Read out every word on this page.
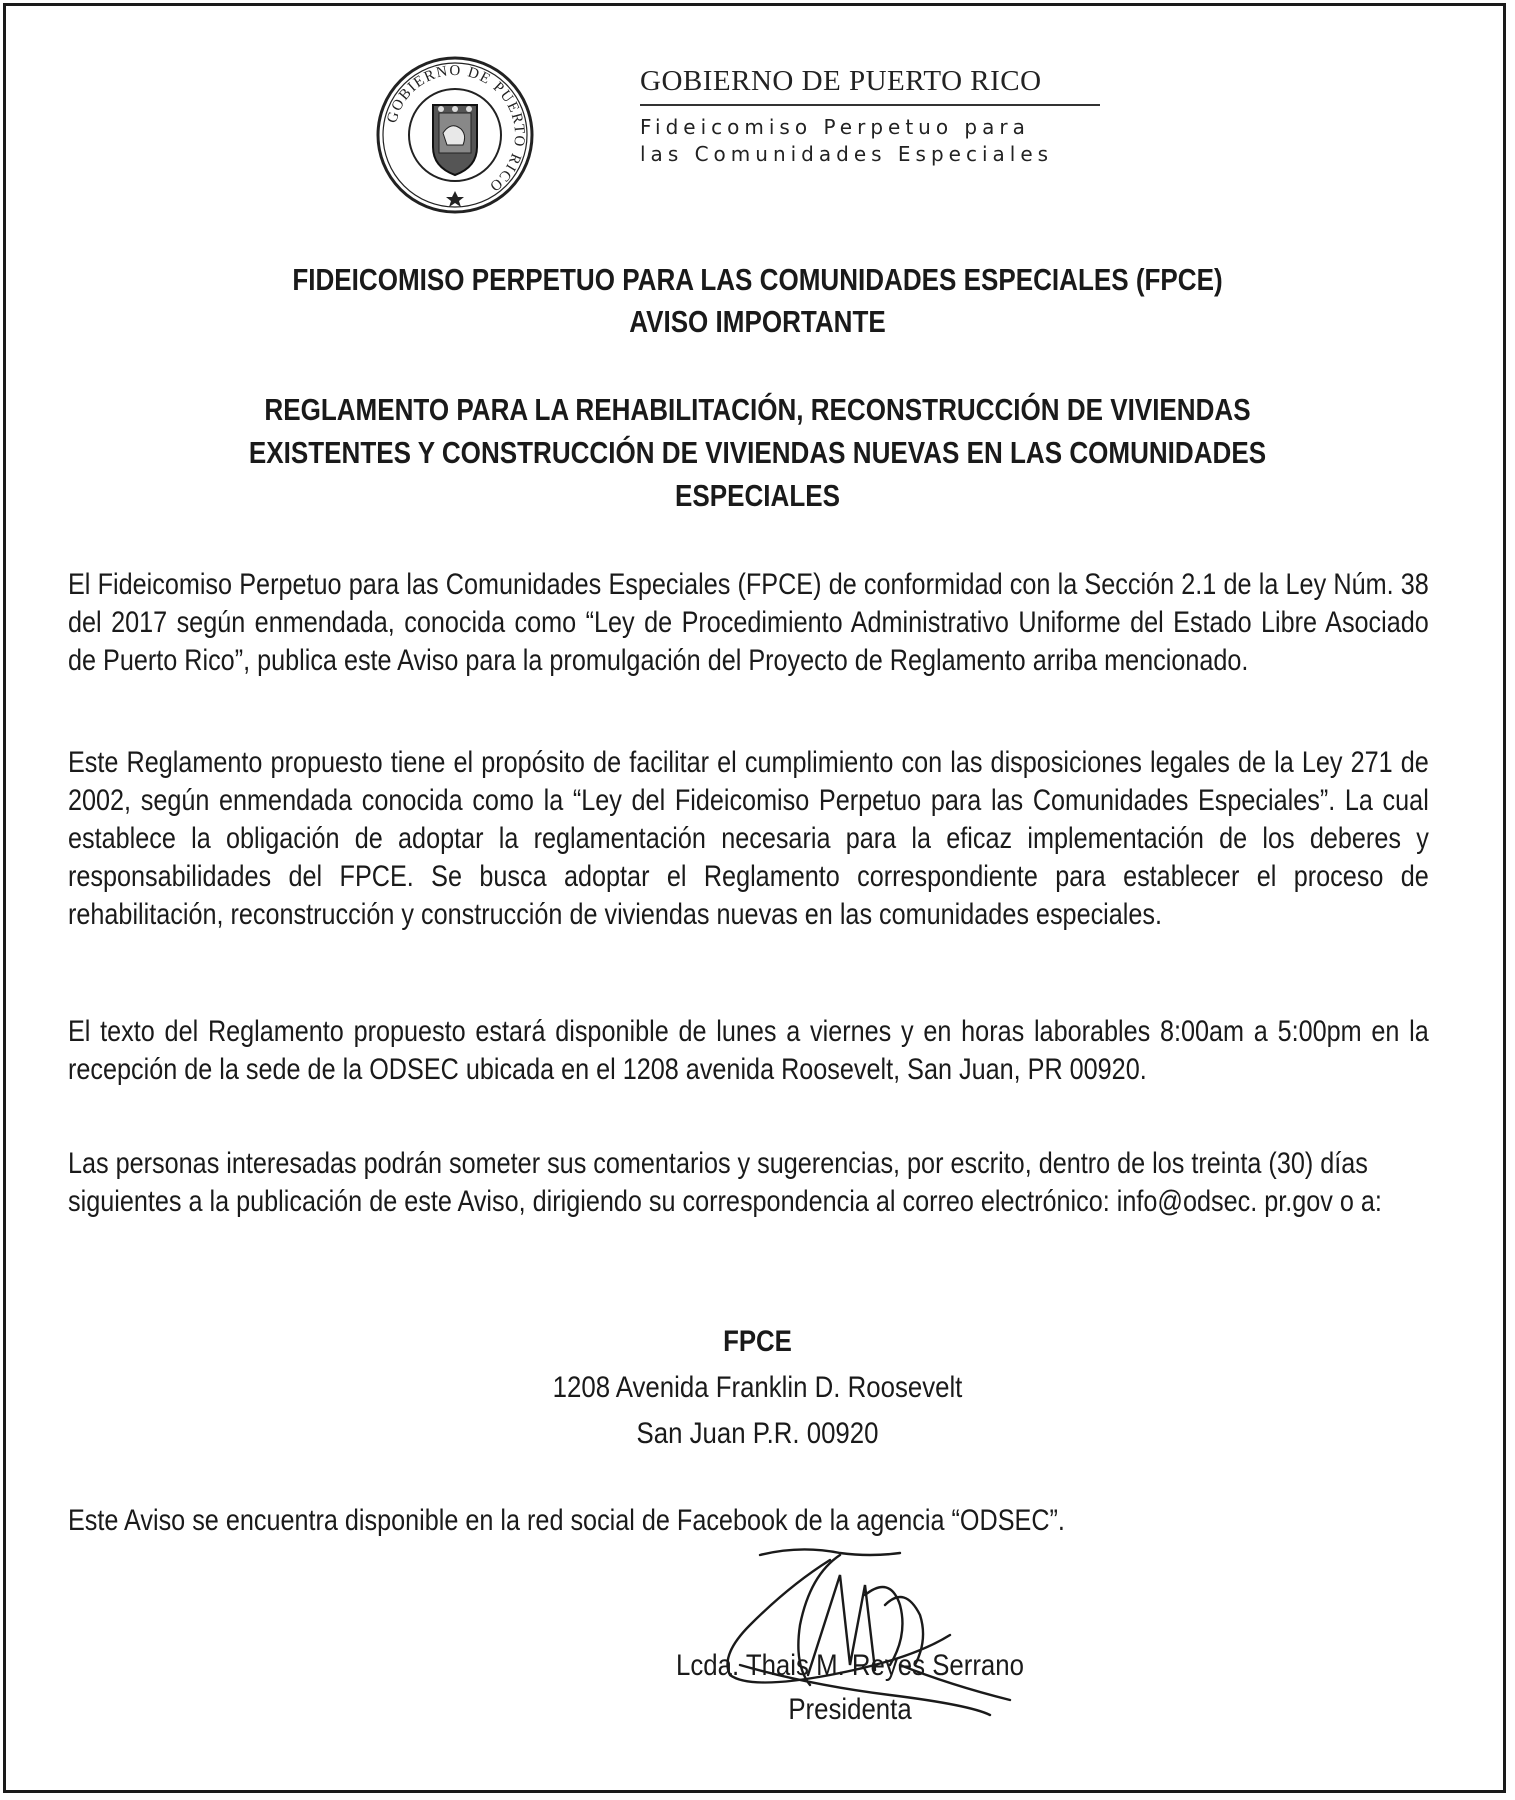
GOBIERNO DE PUERTO RICO
GOBIERNO DE PUERTO RICO
Fideicomiso Perpetuo para
las Comunidades Especiales
FIDEICOMISO PERPETUO PARA LAS COMUNIDADES ESPECIALES (FPCE)
AVISO IMPORTANTE
REGLAMENTO PARA LA REHABILITACIÓN, RECONSTRUCCIÓN DE VIVIENDAS
EXISTENTES Y CONSTRUCCIÓN DE VIVIENDAS NUEVAS EN LAS COMUNIDADES
ESPECIALES
El Fideicomiso Perpetuo para las Comunidades Especiales (FPCE) de conformidad con la Sección 2.1 de la Ley Núm. 38 del 2017 según enmendada, conocida como “Ley de Procedimiento Administrativo Uniforme del Estado Libre Asociado de Puerto Rico”, publica este Aviso para la promulgación del Proyecto de Reglamento arriba mencionado.
Este Reglamento propuesto tiene el propósito de facilitar el cumplimiento con las disposiciones legales de la Ley 271 de 2002, según enmendada conocida como la “Ley del Fideicomiso Perpetuo para las Comunidades Especiales”. La cual establece la obligación de adoptar la reglamentación necesaria para la eficaz implementación de los deberes y responsabilidades del FPCE. Se busca adoptar el Reglamento correspondiente para establecer el proceso de rehabilitación, reconstrucción y construcción de viviendas nuevas en las comunidades especiales.
El texto del Reglamento propuesto estará disponible de lunes a viernes y en horas laborables 8:00am a 5:00pm en la recepción de la sede de la ODSEC ubicada en el 1208 avenida Roosevelt, San Juan, PR 00920.
Las personas interesadas podrán someter sus comentarios y sugerencias, por escrito, dentro de los treinta (30) días siguientes a la publicación de este Aviso, dirigiendo su correspondencia al correo electrónico: info@odsec. pr.gov o a:
FPCE
1208 Avenida Franklin D. Roosevelt
San Juan P.R. 00920
Este Aviso se encuentra disponible en la red social de Facebook de la agencia “ODSEC”.
Lcda. Thais M. Reyes Serrano
Presidenta
